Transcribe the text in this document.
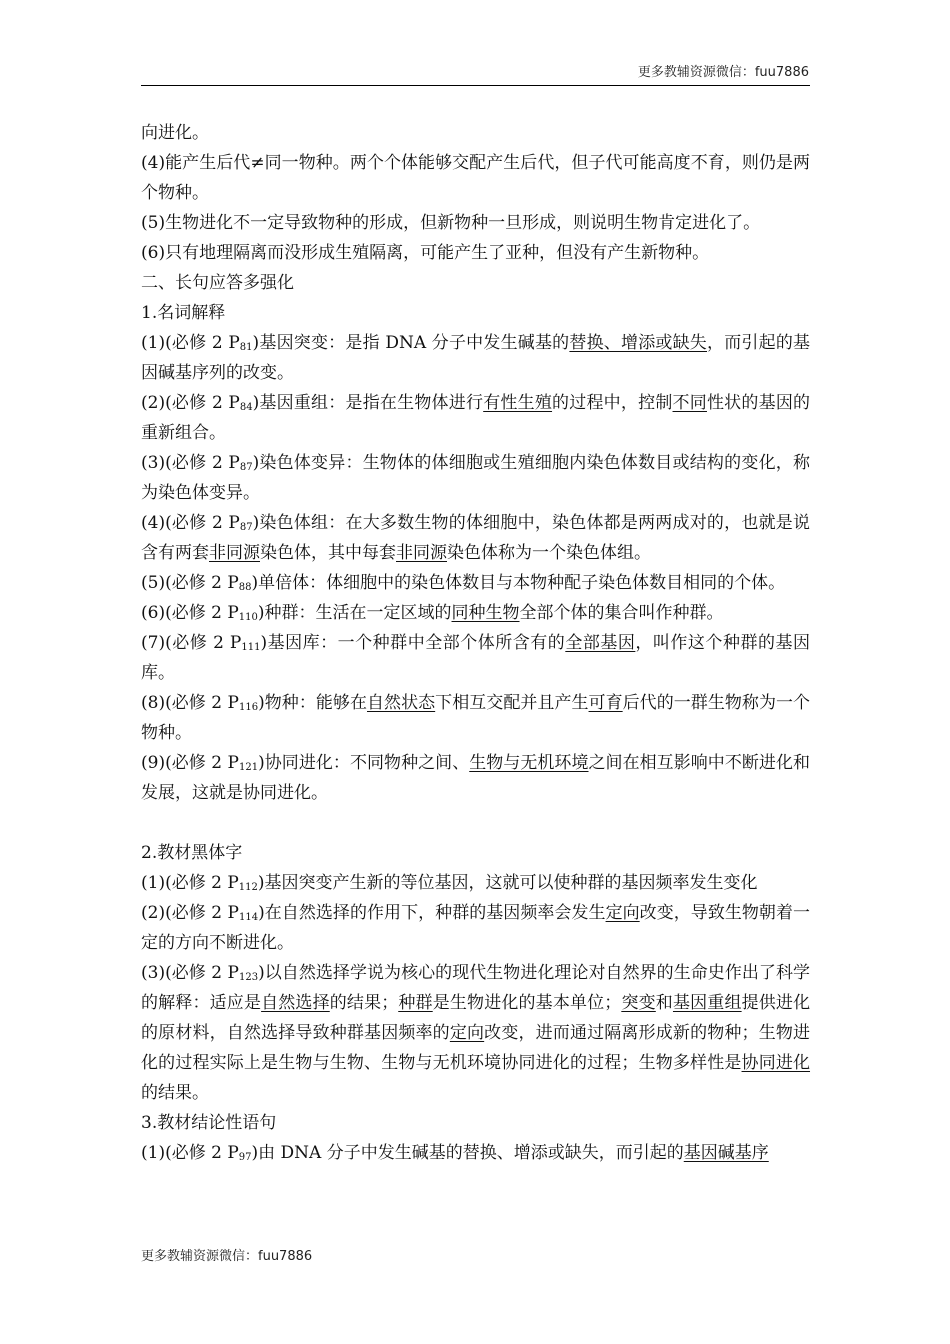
更多教辅资源微信：fuu7886

向进化。

(4)能产生后代≠同一物种。两个个体能够交配产生后代，但子代可能高度不育，则仍是两个物种。

(5)生物进化不一定导致物种的形成，但新物种一旦形成，则说明生物肯定进化了。

(6)只有地理隔离而没形成生殖隔离，可能产生了亚种，但没有产生新物种。

二、长句应答多强化

1.名词解释

(1)(必修 2 $P_{81}$)基因突变：是指 DNA 分子中发生碱基的替换、增添或缺失，而引起的基因碱基序列的改变。

(2)(必修 2 $P_{84}$)基因重组：是指在生物体进行有性生殖的过程中，控制不同性状的基因的重新组合。

(3)(必修 2 $P_{87}$)染色体变异：生物体的体细胞或生殖细胞内染色体数目或结构的变化，称为染色体变异。

(4)(必修 2 $P_{87}$)染色体组：在大多数生物的体细胞中，染色体都是两两成对的，也就是说含有两套非同源染色体，其中每套非同源染色体称为一个染色体组。

(5)(必修 2 $P_{88}$)单倍体：体细胞中的染色体数目与本物种配子染色体数目相同的个体。

(6)(必修 2 $P_{110}$)种群：生活在一定区域的同种生物全部个体的集合叫作种群。

(7)(必修 2 $P_{111}$)基因库：一个种群中全部个体所含有的全部基因，叫作这个种群的基因库。

(8)(必修 2 $P_{116}$)物种：能够在自然状态下相互交配并且产生可育后代的一群生物称为一个物种。

(9)(必修 2 $P_{121}$)协同进化：不同物种之间、生物与无机环境之间在相互影响中不断进化和发展，这就是协同进化。

2.教材黑体字

(1)(必修 2 $P_{112}$)基因突变产生新的等位基因，这就可以使种群的基因频率发生变化

(2)(必修 2 $P_{114}$)在自然选择的作用下，种群的基因频率会发生定向改变，导致生物朝着一定的方向不断进化。

(3)(必修 2 $P_{123}$)以自然选择学说为核心的现代生物进化理论对自然界的生命史作出了科学的解释：适应是自然选择的结果；种群是生物进化的基本单位；突变和基因重组提供进化的原材料，自然选择导致种群基因频率的定向改变，进而通过隔离形成新的物种；生物进化的过程实际上是生物与生物、生物与无机环境协同进化的过程；生物多样性是协同进化的结果。

3.教材结论性语句

(1)(必修 2 $P_{97}$)由 DNA 分子中发生碱基的替换、增添或缺失，而引起的基因碱基序

更多教辅资源微信：fuu7886
